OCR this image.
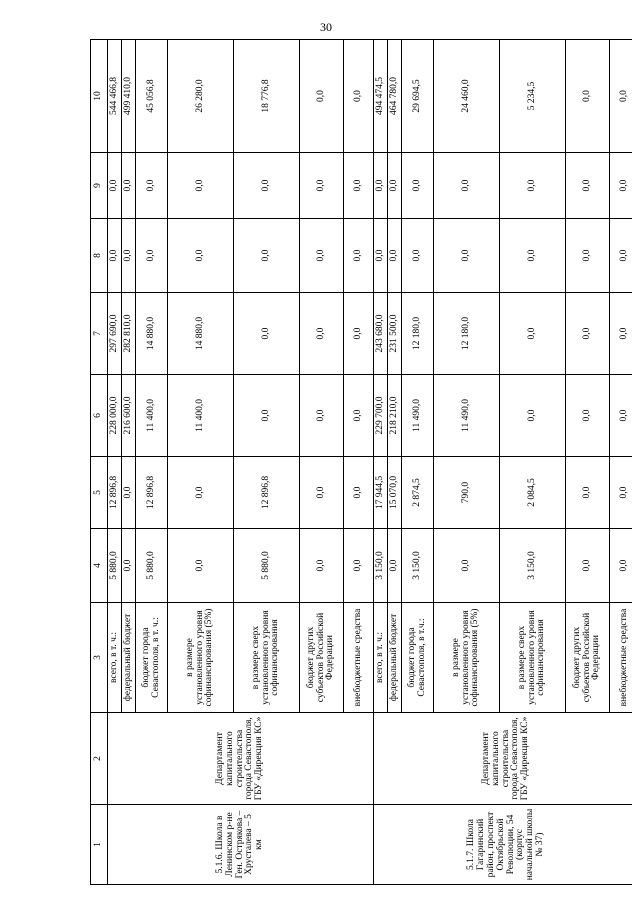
30
1	2	3	4	5	6	7	8	9	10
5.1.6. Школа в Ленинском р-не Ген. Острякова – Хрусталева – 5 км	Департамент капитального строительства города Севастополя, ГБУ «Дирекция КС»	всего, в т. ч.:	5 880,0	12 896,8	228 000,0	297 690,0	0,0	0,0	544 466,8
		федеральный бюджет	0,0	0,0	216 600,0	282 810,0	0,0	0,0	499 410,0
		бюджет города Севастополя, в т. ч.:	5 880,0	12 896,8	11 400,0	14 880,0	0,0	0,0	45 056,8
		в размере установленного уровня софинансирования (5%)	0,0	0,0	11 400,0	14 880,0	0,0	0,0	26 280,0
		в размере сверх установленного уровня софинансирования	5 880,0	12 896,8	0,0	0,0	0,0	0,0	18 776,8
		бюджет других субъектов Российской Федерации	0,0	0,0	0,0	0,0	0,0	0,0	0,0
		внебюджетные средства	0,0	0,0	0,0	0,0	0,0	0,0	0,0
5.1.7. Школа Гагаринский район, проспект Октябрьской Революции, 54 (корпус начальной школы № 37)	Департамент капитального строительства города Севастополя, ГБУ «Дирекция КС»	всего, в т. ч.:	3 150,0	17 944,5	229 700,0	243 680,0	0,0	0,0	494 474,5
		федеральный бюджет	0,0	15 070,0	218 210,0	231 500,0	0,0	0,0	464 780,0
		бюджет города Севастополя, в т.ч.:	3 150,0	2 874,5	11 490,0	12 180,0	0,0	0,0	29 694,5
		в размере установленного уровня софинансирования (5%)	0,0	790,0	11 490,0	12 180,0	0,0	0,0	24 460,0
		в размере сверх установленного уровня софинансирования	3 150,0	2 084,5	0,0	0,0	0,0	0,0	5 234,5
		бюджет других субъектов Российской Федерации	0,0	0,0	0,0	0,0	0,0	0,0	0,0
		внебюджетные средства	0,0	0,0	0,0	0,0	0,0	0,0	0,0
